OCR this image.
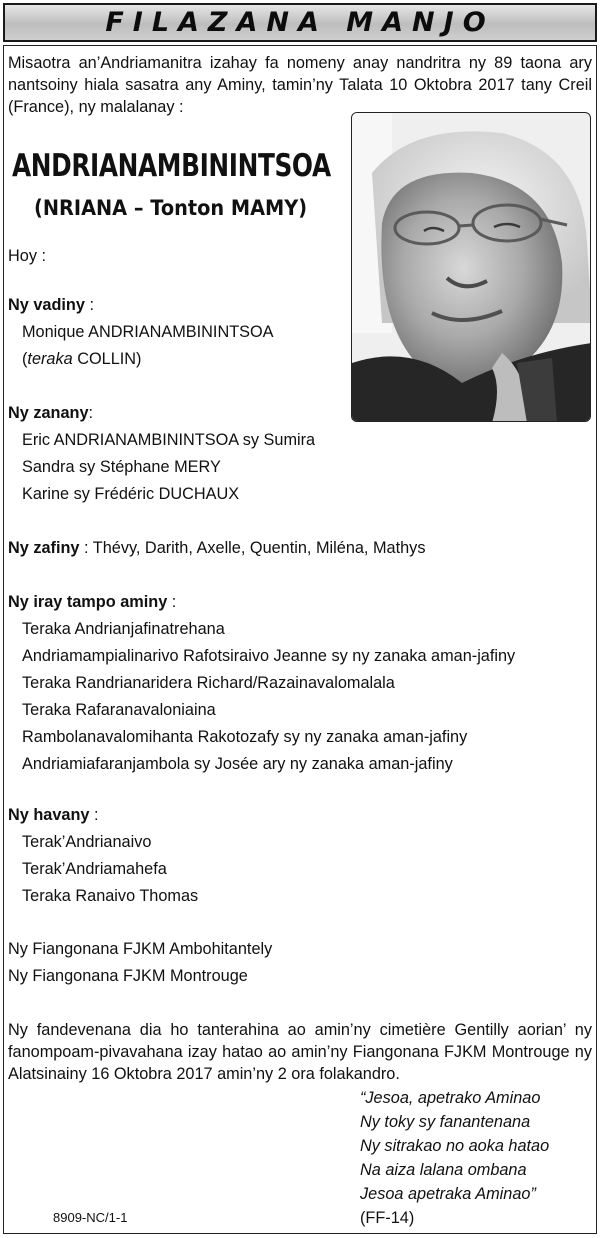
FILAZANA MANJO
Misaotra an’Andriamanitra izahay fa nomeny anay nandritra ny 89 taona ary nantsoiny hiala sasatra any Aminy, tamin’ny Talata 10 Oktobra 2017 tany Creil (France), ny malalanay :
ANDRIANAMBININTSOA
(NRIANA – Tonton MAMY)
Hoy :
Ny vadiny :
Monique ANDRIANAMBININTSOA
(teraka COLLIN)
Ny zanany:
Eric ANDRIANAMBININTSOA sy Sumira
Sandra sy Stéphane MERY
Karine sy Frédéric DUCHAUX
Ny zafiny : Thévy, Darith, Axelle, Quentin, Miléna, Mathys
Ny iray tampo aminy :
Teraka Andrianjafinatrehana
Andriamampialinarivo Rafotsiraivo Jeanne sy ny zanaka aman-jafiny
Teraka Randrianaridera Richard/Razainavalomalala
Teraka Rafaranavaloniaina
Rambolanavalomihanta Rakotozafy sy ny zanaka aman-jafiny
Andriamiafaranjambola sy Josée ary ny zanaka aman-jafiny
Ny havany :
Terak’Andrianaivo
Terak’Andriamahefa
Teraka Ranaivo Thomas
Ny Fiangonana FJKM Ambohitantely
Ny Fiangonana FJKM Montrouge
Ny fandevenana dia ho tanterahina ao amin’ny cimetière Gentilly aorian’ ny fanompoam-pivavahana izay hatao ao amin’ny Fiangonana FJKM Montrouge ny Alatsinainy 16 Oktobra 2017 amin’ny 2 ora folakandro.
“Jesoa, apetrako Aminao
Ny toky sy fanantenana
Ny sitrakao no aoka hatao
Na aiza lalana ombana
Jesoa apetraka Aminao”
(FF-14)
8909-NC/1-1
